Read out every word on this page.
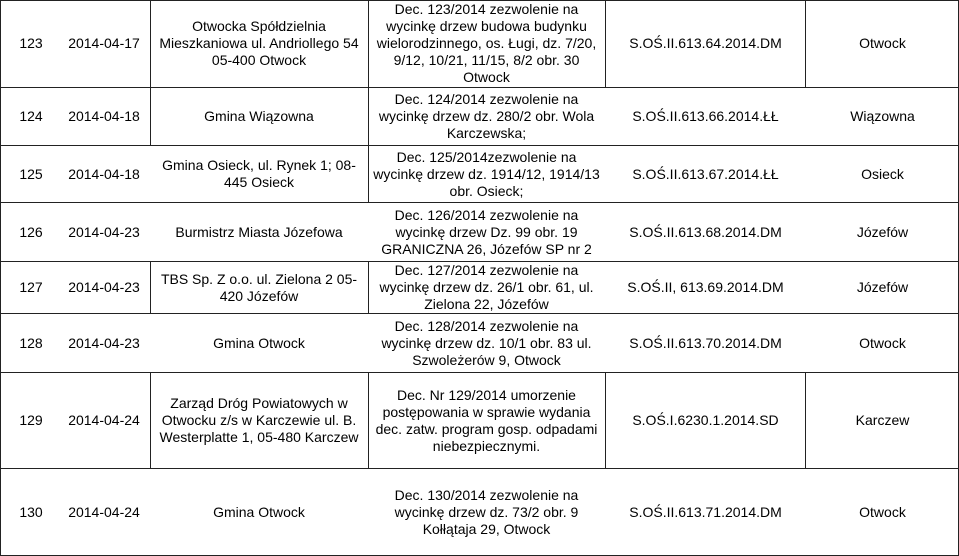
123	2014-04-17
Otwocka Spółdzielnia
Mieszkaniowa ul. Andriollego 54
05-400 Otwock
Dec. 123/2014 zezwolenie na
wycinkę drzew budowa budynku
wielorodzinnego, os. Ługi, dz. 7/20,
9/12, 10/21, 11/15, 8/2 obr. 30
Otwock
S.OŚ.II.613.64.2014.DM	Otwock
124	2014-04-18	Gmina Wiązowna
Dec. 124/2014 zezwolenie na
wycinkę drzew dz. 280/2 obr. Wola
Karczewska;
S.OŚ.II.613.66.2014.ŁŁ	Wiązowna
125	2014-04-18
Gmina Osieck, ul. Rynek 1; 08-
445 Osieck
Dec. 125/2014zezwolenie na
wycinkę drzew dz. 1914/12, 1914/13
obr. Osieck;
S.OŚ.II.613.67.2014.ŁŁ	Osieck
126	2014-04-23	Burmistrz Miasta Józefowa
Dec. 126/2014 zezwolenie na
wycinkę drzew Dz. 99 obr. 19
GRANICZNA 26, Józefów SP nr 2
S.OŚ.II.613.68.2014.DM	Józefów
127	2014-04-23
TBS Sp. Z o.o. ul. Zielona 2 05-
420 Józefów
Dec. 127/2014 zezwolenie na
wycinkę drzew dz. 26/1 obr. 61, ul.
Zielona 22, Józefów
S.OŚ.II, 613.69.2014.DM	Józefów
128	2014-04-23	Gmina Otwock
Dec. 128/2014 zezwolenie na
wycinkę drzew dz. 10/1 obr. 83 ul.
Szwoleżerów 9, Otwock
S.OŚ.II.613.70.2014.DM	Otwock
129	2014-04-24
Zarząd Dróg Powiatowych w
Otwocku z/s w Karczewie ul. B.
Westerplatte 1, 05-480 Karczew
Dec. Nr 129/2014 umorzenie
postępowania w sprawie wydania
dec. zatw. program gosp. odpadami
niebezpiecznymi.
S.OŚ.I.6230.1.2014.SD	Karczew
130	2014-04-24	Gmina Otwock
Dec. 130/2014 zezwolenie na
wycinkę drzew dz. 73/2 obr. 9
Kołłątaja 29, Otwock
S.OŚ.II.613.71.2014.DM	Otwock
